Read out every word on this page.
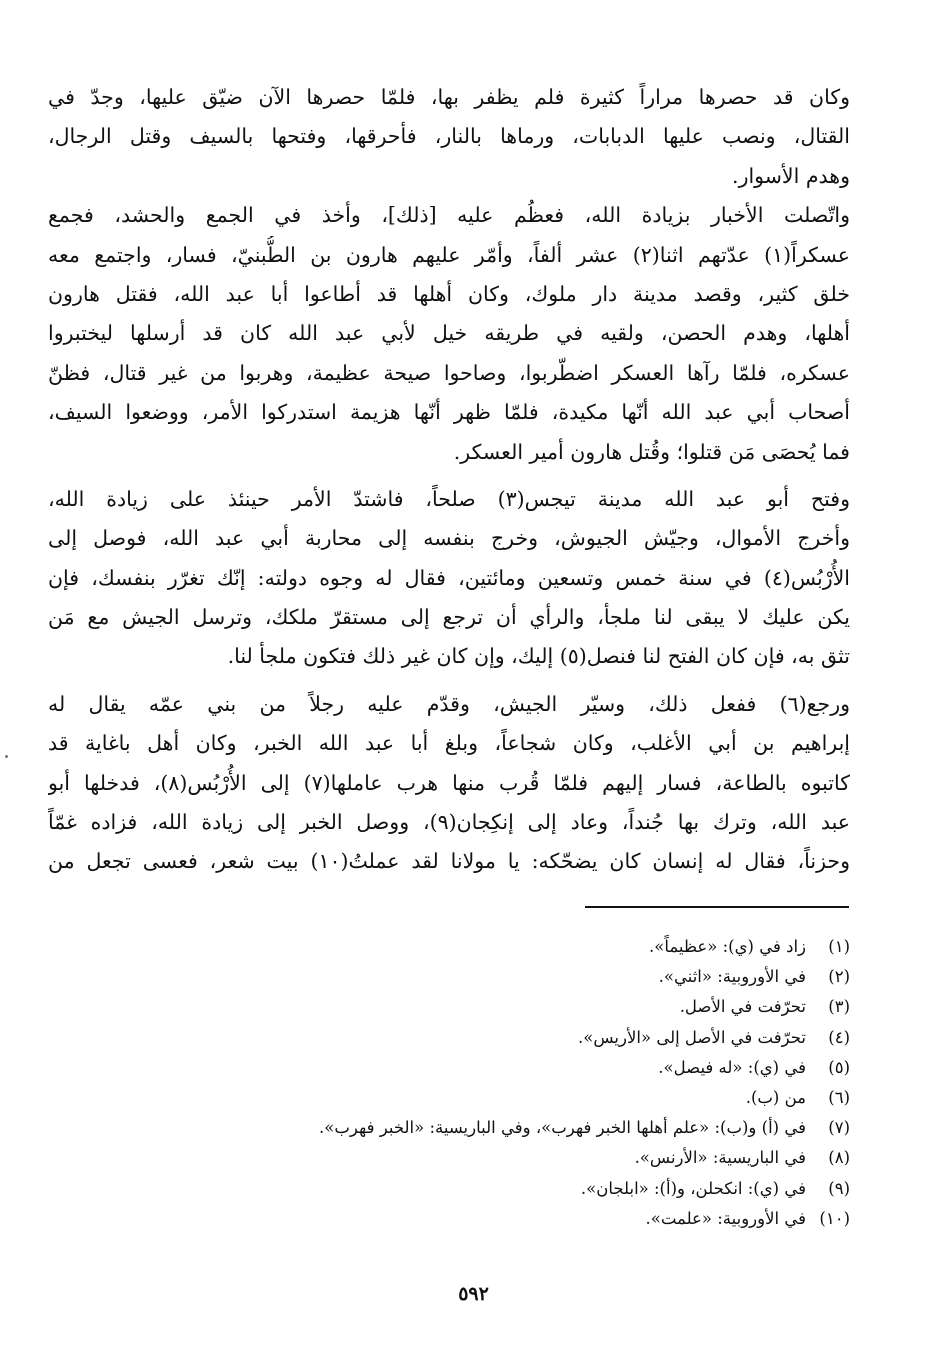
وكان قد حصرها مراراً كثيرة فلم يظفر بها، فلمّا حصرها الآن ضيّق عليها، وجدّ في
القتال، ونصب عليها الدبابات، ورماها بالنار، فأحرقها، وفتحها بالسيف وقتل الرجال،
وهدم الأسوار.
واتّصلت الأخبار بزيادة الله، فعظُم عليه [ذلك]، وأخذ في الجمع والحشد، فجمع
عسكراً(١) عدّتهم اثنا(٢) عشر ألفاً، وأمّر عليهم هارون بن الطُّبنيّ، فسار، واجتمع معه
خلق كثير، وقصد مدينة دار ملوك، وكان أهلها قد أطاعوا أبا عبد الله، فقتل هارون
أهلها، وهدم الحصن، ولقيه في طريقه خيل لأبي عبد الله كان قد أرسلها ليختبروا
عسكره، فلمّا رآها العسكر اضطّربوا، وصاحوا صيحة عظيمة، وهربوا من غير قتال، فظنّ
أصحاب أبي عبد الله أنّها مكيدة، فلمّا ظهر أنّها هزيمة استدركوا الأمر، ووضعوا السيف،
فما يُحصَى مَن قتلوا؛ وقُتل هارون أمير العسكر.
وفتح أبو عبد الله مدينة تيجس(٣) صلحاً، فاشتدّ الأمر حينئذ على زيادة الله،
وأخرج الأموال، وجيّش الجيوش، وخرج بنفسه إلى محاربة أبي عبد الله، فوصل إلى
الأُرْبُس(٤) في سنة خمس وتسعين ومائتين، فقال له وجوه دولته: إنّك تغرّر بنفسك، فإن
يكن عليك لا يبقى لنا ملجأ، والرأي أن ترجع إلى مستقرّ ملكك، وترسل الجيش مع مَن
تثق به، فإن كان الفتح لنا فنصل(٥) إليك، وإن كان غير ذلك فتكون ملجأ لنا.
ورجع(٦) ففعل ذلك، وسيّر الجيش، وقدّم عليه رجلاً من بني عمّه يقال له
إبراهيم بن أبي الأغلب، وكان شجاعاً، وبلغ أبا عبد الله الخبر، وكان أهل باغاية قد
كاتبوه بالطاعة، فسار إليهم فلمّا قُرب منها هرب عاملها(٧) إلى الأُرْبُس(٨)، فدخلها أبو
عبد الله، وترك بها جُنداً، وعاد إلى إنكِجان(٩)، ووصل الخبر إلى زيادة الله، فزاده غمّاً
وحزناً، فقال له إنسان كان يضحّكه: يا مولانا لقد عملتُ(١٠) بيت شعر، فعسى تجعل من
(١)زاد في (ي): «عظيماً».
(٢)في الأوروبية: «اثني».
(٣)تحرّفت في الأصل.
(٤)تحرّفت في الأصل إلى «الأريس».
(٥)في (ي): «له فيصل».
(٦)من (ب).
(٧)في (أ) و(ب): «علم أهلها الخبر فهرب»، وفي الباريسية: «الخبر فهرب».
(٨)في الباريسية: «الأرنس».
(٩)في (ي): انكحلن، و(أ): «ابلجان».
(١٠)في الأوروبية: «علمت».
٥٩٢
